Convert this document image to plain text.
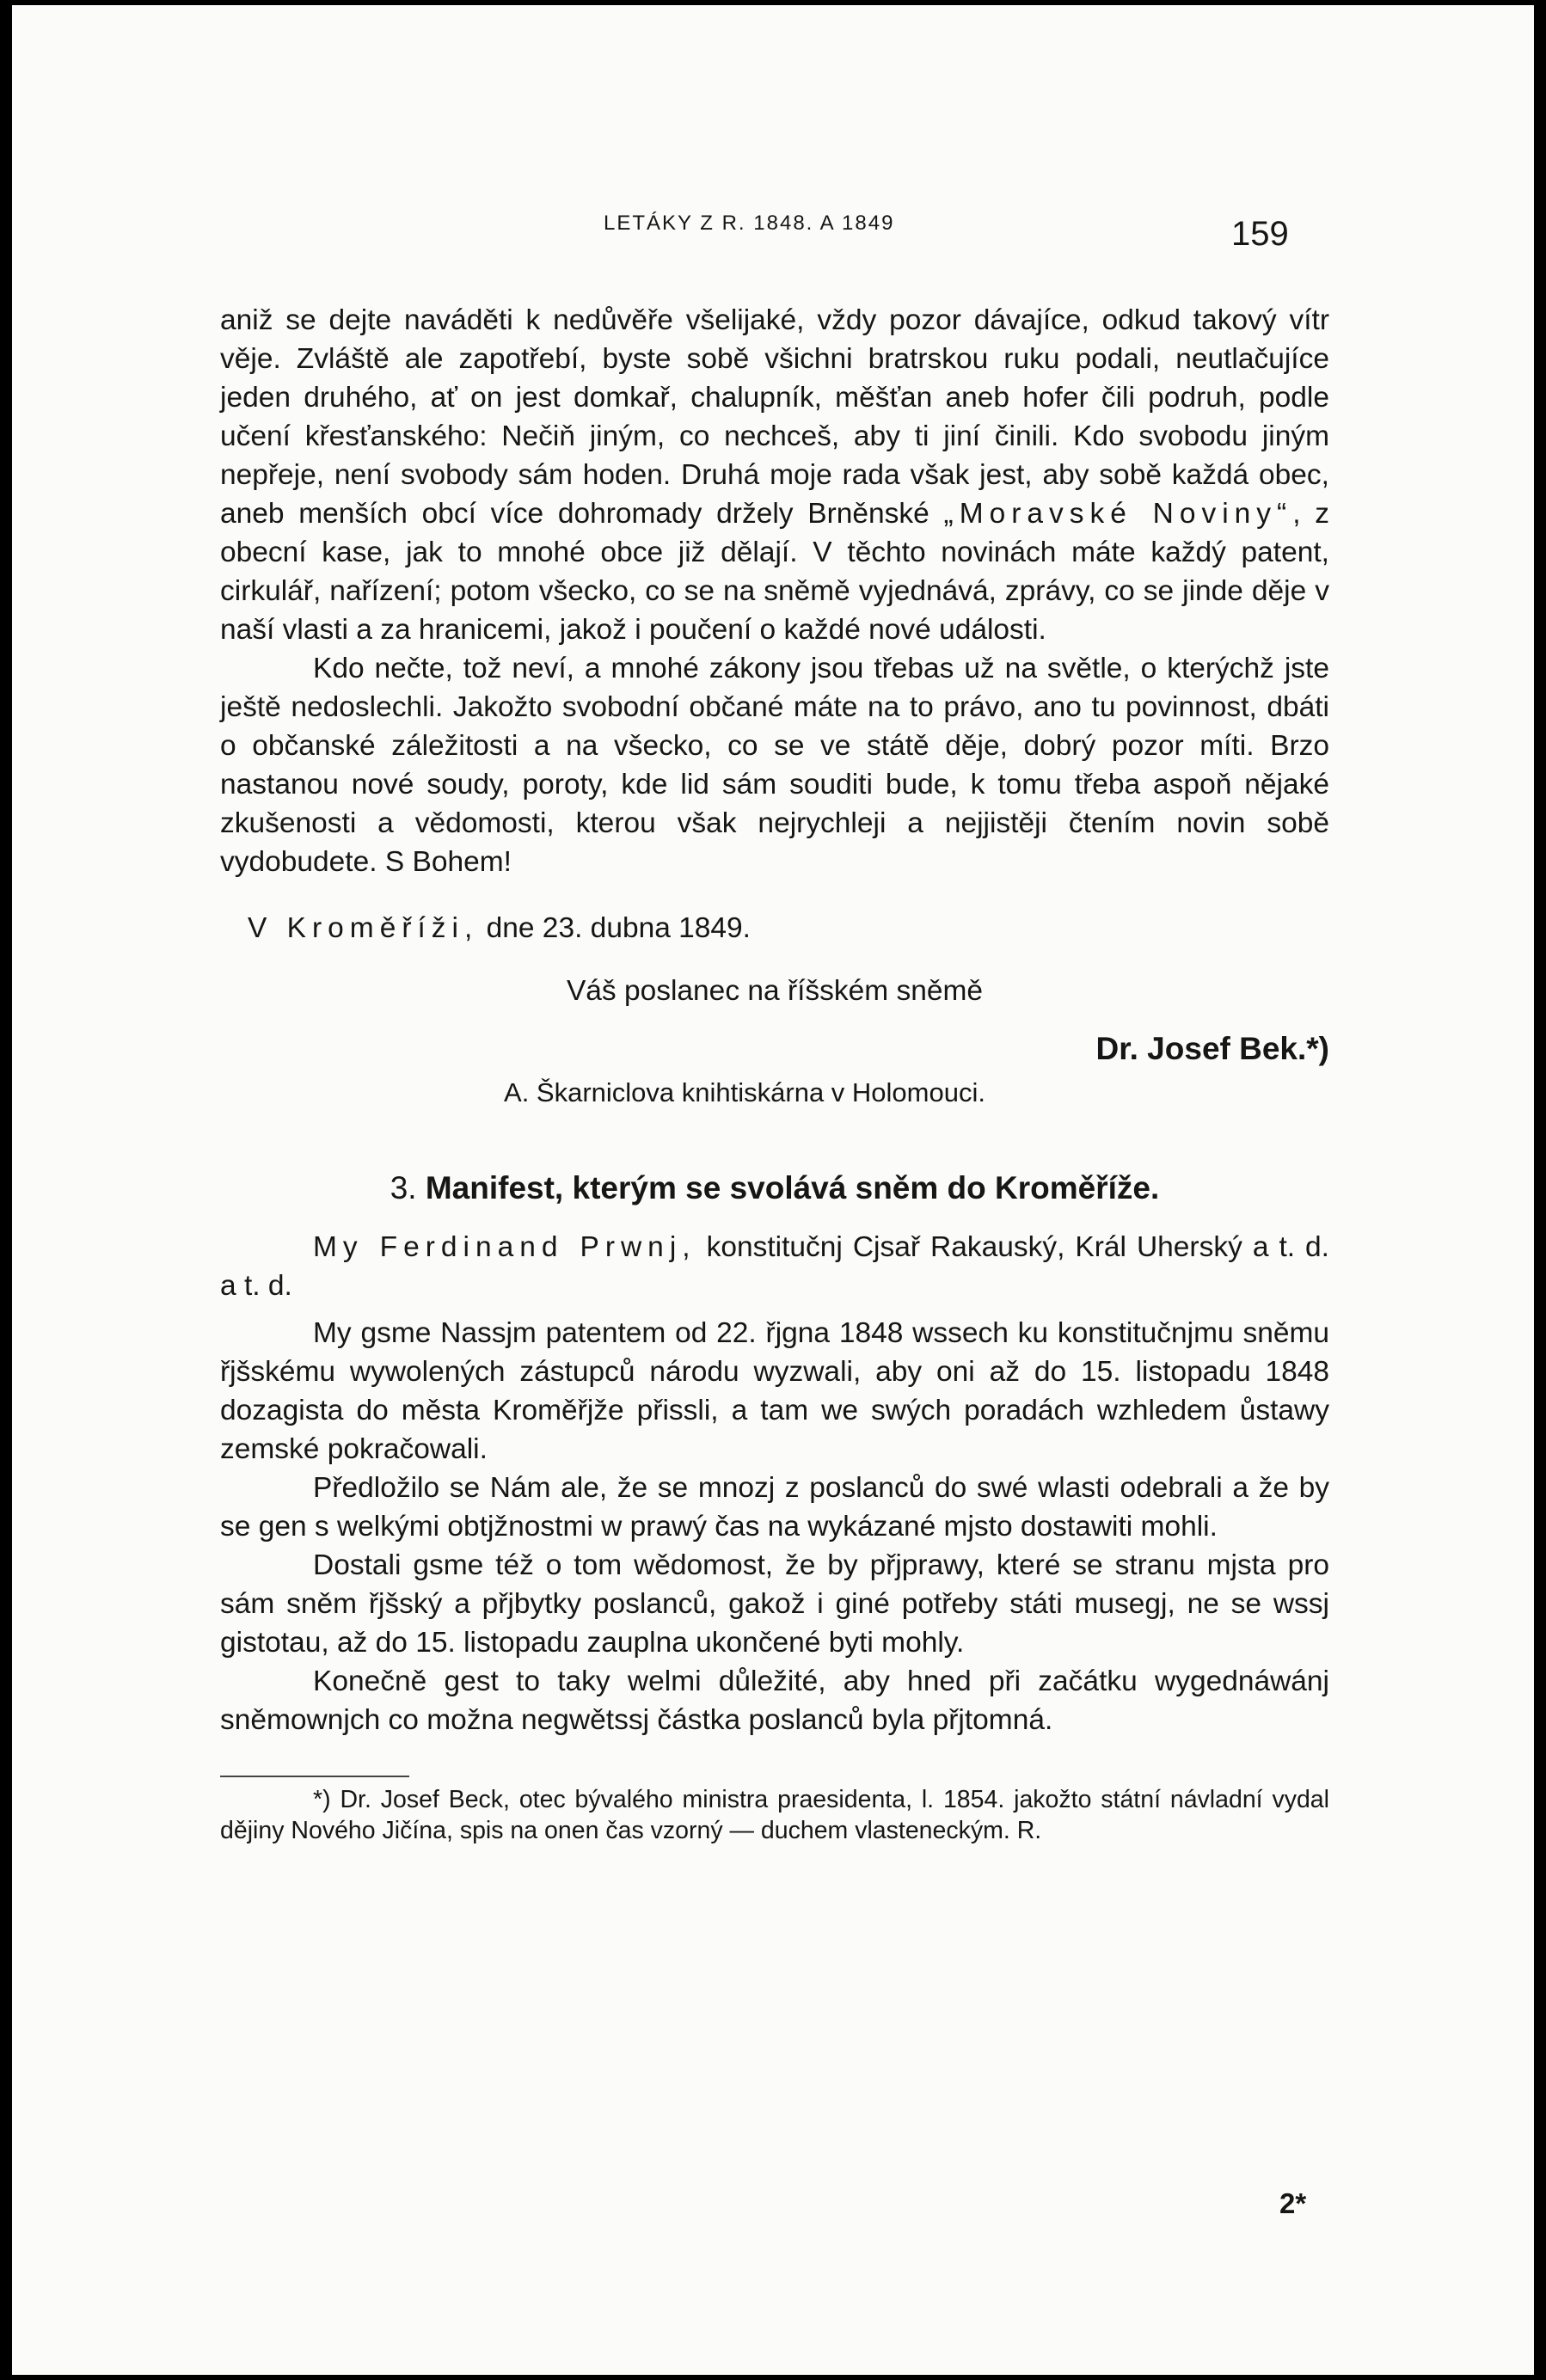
LETÁKY Z R. 1848. A 1849	159

aniž se dejte naváděti k nedůvěře všelijaké, vždy pozor dávajíce, odkud takový vítr věje. Zvláště ale zapotřebí, byste sobě všichni bratrskou ruku podali, neutlačujíce jeden druhého, ať on jest domkař, chalupník, měšťan aneb hofer čili podruh, podle učení křesťanského: Nečiň jiným, co nechceš, aby ti jiní činili. Kdo svobodu jiným nepřeje, není svobody sám hoden. Druhá moje rada však jest, aby sobě každá obec, aneb menších obcí více dohromady držely Brněnské „Moravské Noviny“, z obecní kase, jak to mnohé obce již dělají. V těchto novinách máte každý patent, cirkulář, nařízení; potom všecko, co se na sněmě vyjednává, zprávy, co se jinde děje v naší vlasti a za hranicemi, jakož i poučení o každé nové události.

Kdo nečte, tož neví, a mnohé zákony jsou třebas už na světle, o kterýchž jste ještě nedoslechli. Jakožto svobodní občané máte na to právo, ano tu povinnost, dbáti o občanské záležitosti a na všecko, co se ve státě děje, dobrý pozor míti. Brzo nastanou nové soudy, poroty, kde lid sám souditi bude, k tomu třeba aspoň nějaké zkušenosti a vědomosti, kterou však nejrychleji a nejjistěji čtením novin sobě vydobudete. S Bohem!

V Kroměříži, dne 23. dubna 1849.

Váš poslanec na říšském sněmě

Dr. Josef Bek.*)

A. Škarniclova knihtiskárna v Holomouci.

3. Manifest, kterým se svolává sněm do Kroměříže.

My Ferdinand Prwnj, konstitučnj Cjsař Rakauský, Král Uherský a t. d. a t. d.

My gsme Nassjm patentem od 22. řjgna 1848 wssech ku konstitučnjmu sněmu řjšskému wywolených zástupců národu wyzwali, aby oni až do 15. listopadu 1848 dozagista do města Kroměřjže přissli, a tam we swých poradách wzhledem ůstawy zemské pokračowali.

Předložilo se Nám ale, že se mnozj z poslanců do swé wlasti odebrali a že by se gen s welkými obtjžnostmi w prawý čas na wykázané mjsto dostawiti mohli.

Dostali gsme též o tom wědomost, že by přjprawy, které se stranu mjsta pro sám sněm řjšský a přjbytky poslanců, gakož i giné potřeby státi musegj, ne se wssj gistotau, až do 15. listopadu zauplna ukončené byti mohly.

Konečně gest to taky welmi důležité, aby hned při začátku wygednáwánj sněmownjch co možna negwětssj částka poslanců byla přjtomná.

*) Dr. Josef Beck, otec bývalého ministra praesidenta, l. 1854. jakožto státní návladní vydal dějiny Nového Jičína, spis na onen čas vzorný — duchem vlasteneckým. R.

2*
